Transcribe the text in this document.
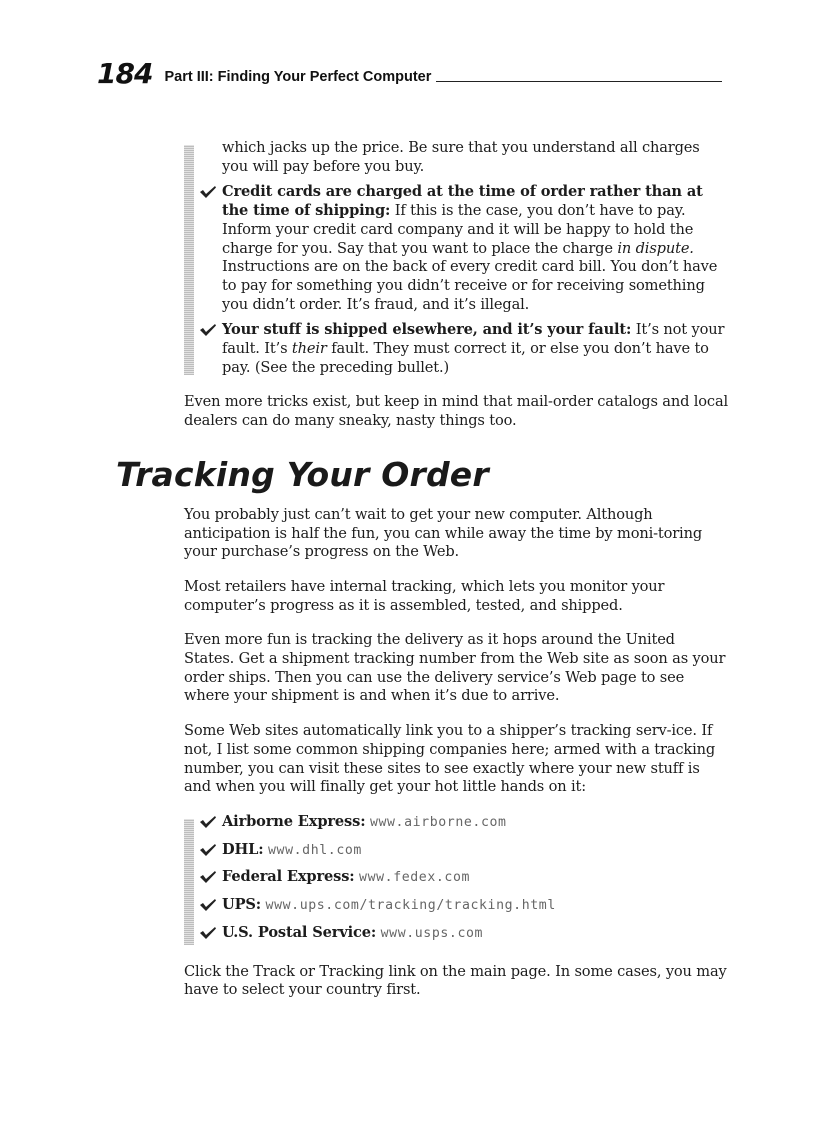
184 Part III: Finding Your Perfect Computer

which jacks up the price. Be sure that you understand all charges you will pay before you buy.

Credit cards are charged at the time of order rather than at the time of shipping: If this is the case, you don’t have to pay. Inform your credit card company and it will be happy to hold the charge for you. Say that you want to place the charge in dispute. Instructions are on the back of every credit card bill. You don’t have to pay for something you didn’t receive or for receiving something you didn’t order. It’s fraud, and it’s illegal.

Your stuff is shipped elsewhere, and it’s your fault: It’s not your fault. It’s their fault. They must correct it, or else you don’t have to pay. (See the preceding bullet.)

Even more tricks exist, but keep in mind that mail-order catalogs and local dealers can do many sneaky, nasty things too.

Tracking Your Order

You probably just can’t wait to get your new computer. Although anticipation is half the fun, you can while away the time by moni-toring your purchase’s progress on the Web.

Most retailers have internal tracking, which lets you monitor your computer’s progress as it is assembled, tested, and shipped.

Even more fun is tracking the delivery as it hops around the United States. Get a shipment tracking number from the Web site as soon as your order ships. Then you can use the delivery service’s Web page to see where your shipment is and when it’s due to arrive.

Some Web sites automatically link you to a shipper’s tracking serv-ice. If not, I list some common shipping companies here; armed with a tracking number, you can visit these sites to see exactly where your new stuff is and when you will finally get your hot little hands on it:

Airborne Express: www.airborne.com

DHL: www.dhl.com

Federal Express: www.fedex.com

UPS: www.ups.com/tracking/tracking.html

U.S. Postal Service: www.usps.com

Click the Track or Tracking link on the main page. In some cases, you may have to select your country first.
